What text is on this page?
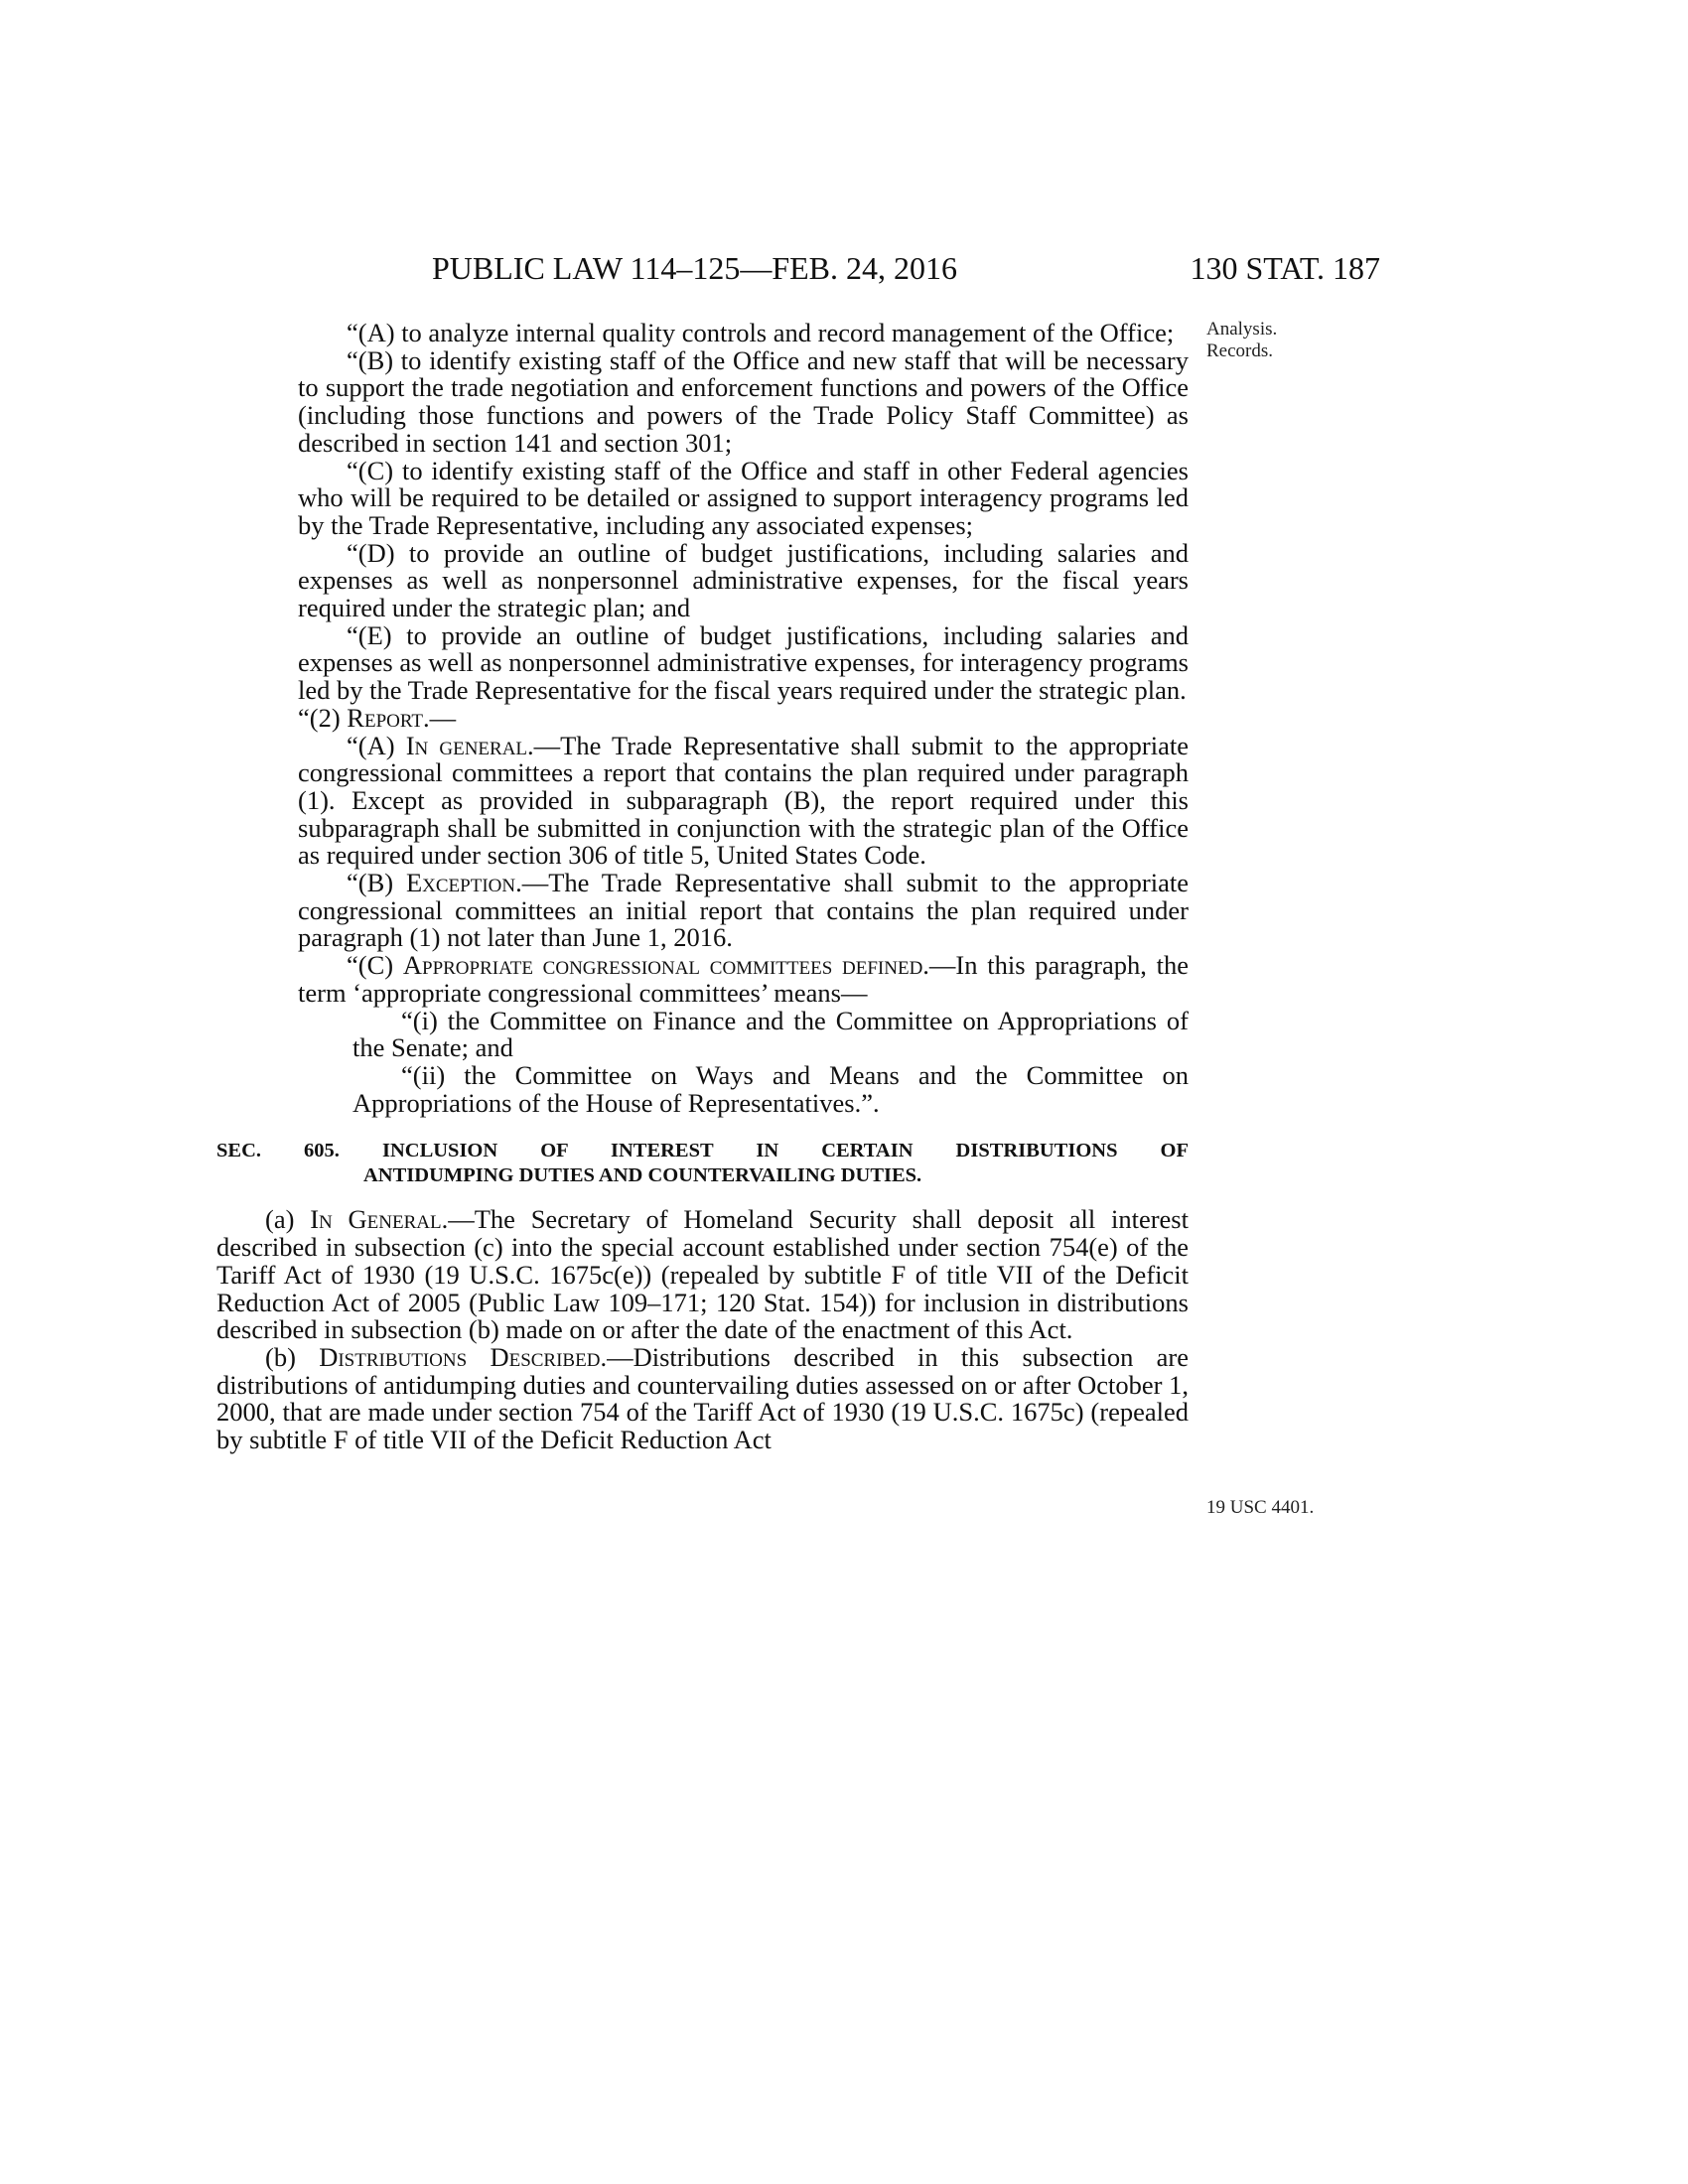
PUBLIC LAW 114–125—FEB. 24, 2016	130 STAT. 187
Analysis.
Records.
19 USC 4401.

“(A) to analyze internal quality controls and record management of the Office;

“(B) to identify existing staff of the Office and new staff that will be necessary to support the trade negotiation and enforcement functions and powers of the Office (including those functions and powers of the Trade Policy Staff Committee) as described in section 141 and section 301;

“(C) to identify existing staff of the Office and staff in other Federal agencies who will be required to be detailed or assigned to support interagency programs led by the Trade Representative, including any associated expenses;

“(D) to provide an outline of budget justifications, including salaries and expenses as well as nonpersonnel administrative expenses, for the fiscal years required under the strategic plan; and

“(E) to provide an outline of budget justifications, including salaries and expenses as well as nonpersonnel administrative expenses, for interagency programs led by the Trade Representative for the fiscal years required under the strategic plan.

“(2) Report.—

“(A) In general.—The Trade Representative shall submit to the appropriate congressional committees a report that contains the plan required under paragraph (1). Except as provided in subparagraph (B), the report required under this subparagraph shall be submitted in conjunction with the strategic plan of the Office as required under section 306 of title 5, United States Code.

“(B) Exception.—The Trade Representative shall submit to the appropriate congressional committees an initial report that contains the plan required under paragraph (1) not later than June 1, 2016.

“(C) Appropriate congressional committees defined.—In this paragraph, the term ‘appropriate congressional committees’ means—

“(i) the Committee on Finance and the Committee on Appropriations of the Senate; and

“(ii) the Committee on Ways and Means and the Committee on Appropriations of the House of Representatives.”.

SEC. 605. INCLUSION OF INTEREST IN CERTAIN DISTRIBUTIONS OF
ANTIDUMPING DUTIES AND COUNTERVAILING DUTIES.

(a) In General.—The Secretary of Homeland Security shall deposit all interest described in subsection (c) into the special account established under section 754(e) of the Tariff Act of 1930 (19 U.S.C. 1675c(e)) (repealed by subtitle F of title VII of the Deficit Reduction Act of 2005 (Public Law 109–171; 120 Stat. 154)) for inclusion in distributions described in subsection (b) made on or after the date of the enactment of this Act.

(b) Distributions Described.—Distributions described in this subsection are distributions of antidumping duties and countervailing duties assessed on or after October 1, 2000, that are made under section 754 of the Tariff Act of 1930 (19 U.S.C. 1675c) (repealed by subtitle F of title VII of the Deficit Reduction Act
